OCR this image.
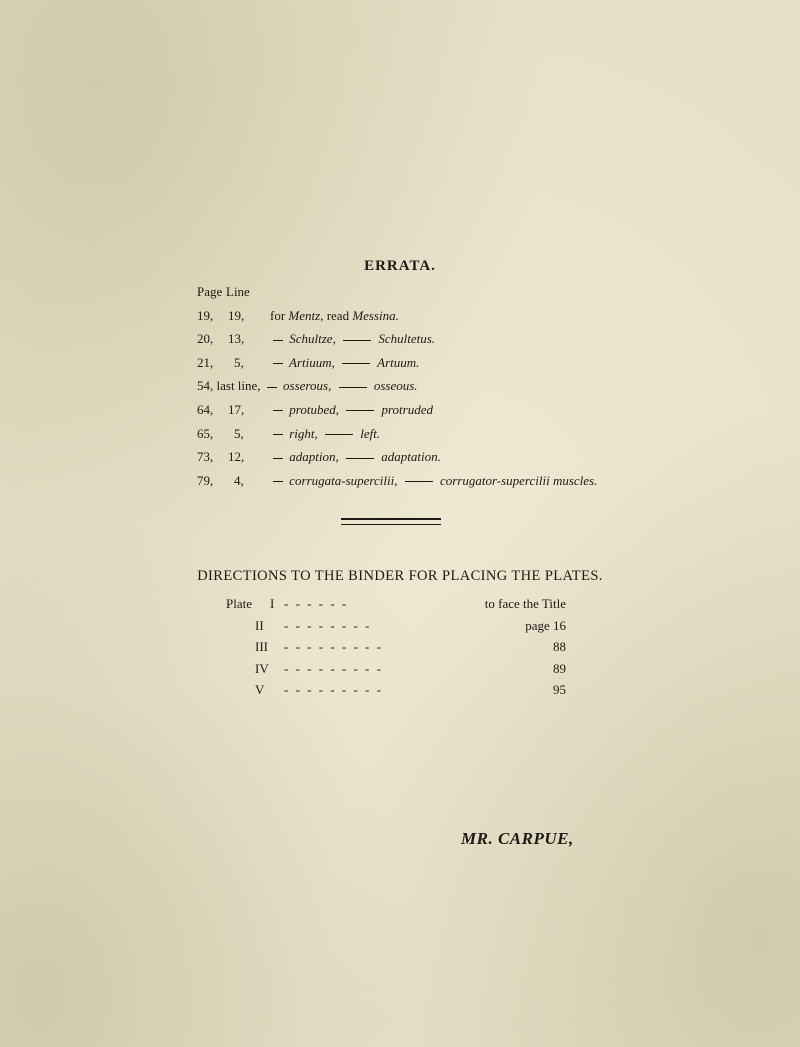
ERRATA.
Page Line
19, 19, for Mentz, read Messina.
20, 13,	Schultze,	Schultetus.
21, 5,	Artiuum,	Artuum.
54, last line, osserous,	osseous.
64, 17,	protubed,	protruded
65, 5,	right,	left.
73, 12,	adaption,	adaptation.
79, 4,	corrugata-supercilii,	corrugator-supercilii muscles.
DIRECTIONS TO THE BINDER FOR PLACING THE PLATES.
Plate I - - - - - -	to face the Title
II - - - - - - - -	page 16
III - - - - - - - - -	88
IV - - - - - - - - -	89
V - - - - - - - - -	95
MR. CARPUE,
